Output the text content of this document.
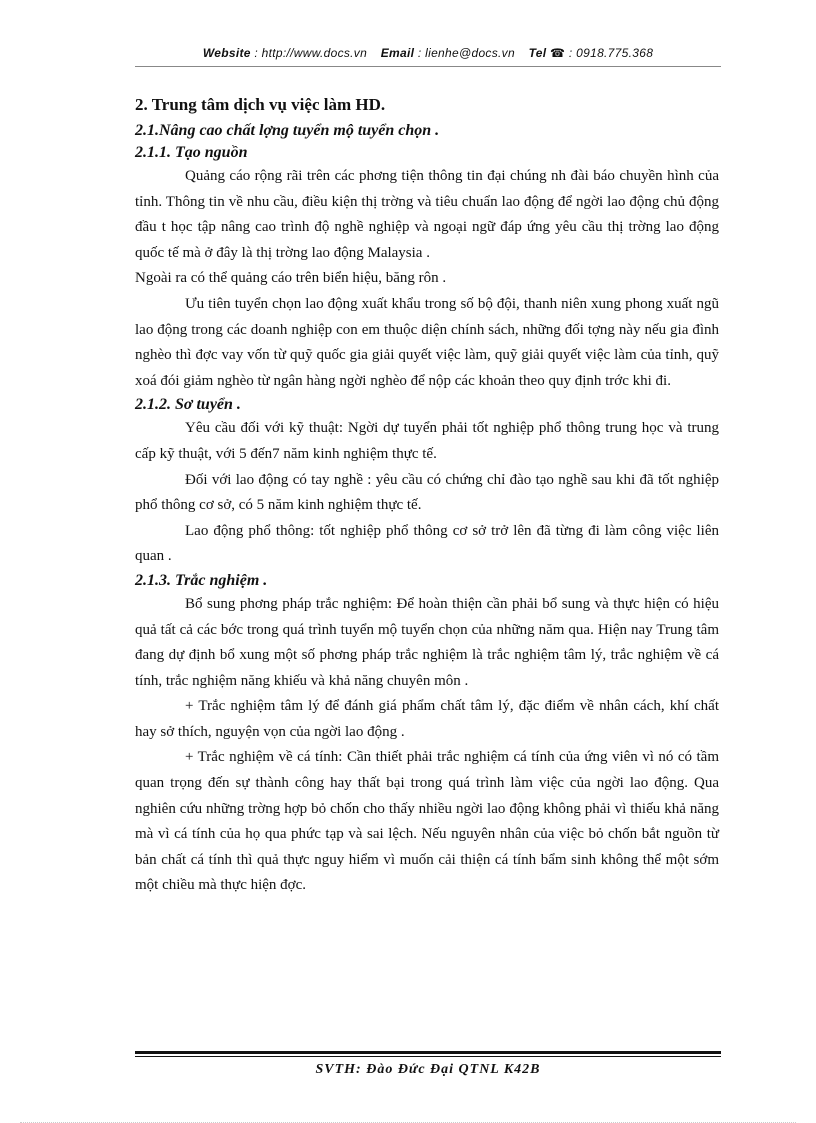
Website : http://www.docs.vn Email : lienhe@docs.vn Tel ☎ : 0918.775.368
2. Trung tâm dịch vụ việc làm HD.
2.1.Nâng cao chất lợng tuyển mộ tuyển chọn .
2.1.1. Tạo nguồn

Quảng cáo rộng rãi trên các phơng tiện thông tin đại chúng nh đài báo chuyền hình của tỉnh. Thông tin về nhu cầu, điều kiện thị trờng và tiêu chuẩn lao động để ngời lao động chủ động đầu t học tập nâng cao trình độ nghề nghiệp và ngoại ngữ đáp ứng yêu cầu thị trờng lao động quốc tế mà ở đây là thị trờng lao động Malaysia .

Ngoài ra có thể quảng cáo trên biển hiệu, băng rôn .

Ưu tiên tuyển chọn lao động xuất khẩu trong số bộ đội, thanh niên xung phong xuất ngũ lao động trong các doanh nghiệp con em thuộc diện chính sách, những đối tợng này nếu gia đình nghèo thì đợc vay vốn từ quỹ quốc gia giải quyết việc làm, quỹ giải quyết việc làm của tỉnh, quỹ xoá đói giảm nghèo từ ngân hàng ngời nghèo để nộp các khoản theo quy định trớc khi đi.

2.1.2. Sơ tuyển .

Yêu cầu đối với kỹ thuật: Ngời dự tuyển phải tốt nghiệp phổ thông trung học và trung cấp kỹ thuật, với 5 đến7 năm kinh nghiệm thực tế.

Đối với lao động có tay nghề : yêu cầu có chứng chỉ đào tạo nghề sau khi đã tốt nghiệp phổ thông cơ sở, có 5 năm kinh nghiệm thực tế.

Lao động phổ thông: tốt nghiệp phổ thông cơ sở trở lên đã từng đi làm công việc liên quan .

2.1.3. Trắc nghiệm .

Bổ sung phơng pháp trắc nghiệm: Để hoàn thiện cần phải bổ sung và thực hiện có hiệu quả tất cả các bớc trong quá trình tuyển mộ tuyển chọn của những năm qua. Hiện nay Trung tâm đang dự định bổ xung một số phơng pháp trắc nghiệm là trắc nghiệm tâm lý, trắc nghiệm về cá tính, trắc nghiệm năng khiếu và khả năng chuyên môn .

+ Trắc nghiệm tâm lý để đánh giá phẩm chất tâm lý, đặc điểm về nhân cách, khí chất hay sở thích, nguyện vọn của ngời lao động .

+ Trắc nghiệm về cá tính: Cần thiết phải trắc nghiệm cá tính của ứng viên vì nó có tầm quan trọng đến sự thành công hay thất bại trong quá trình làm việc của ngời lao động. Qua nghiên cứu những trờng hợp bỏ chốn cho thấy nhiều ngời lao động không phải vì thiếu khả năng mà vì cá tính của họ qua phức tạp và sai lệch. Nếu nguyên nhân của việc bỏ chốn bắt nguồn từ bản chất cá tính thì quả thực nguy hiểm vì muốn cải thiện cá tính bẩm sinh không thể một sớm một chiều mà thực hiện đợc.

SVTH: Đào Đức Đại QTNL K42B
